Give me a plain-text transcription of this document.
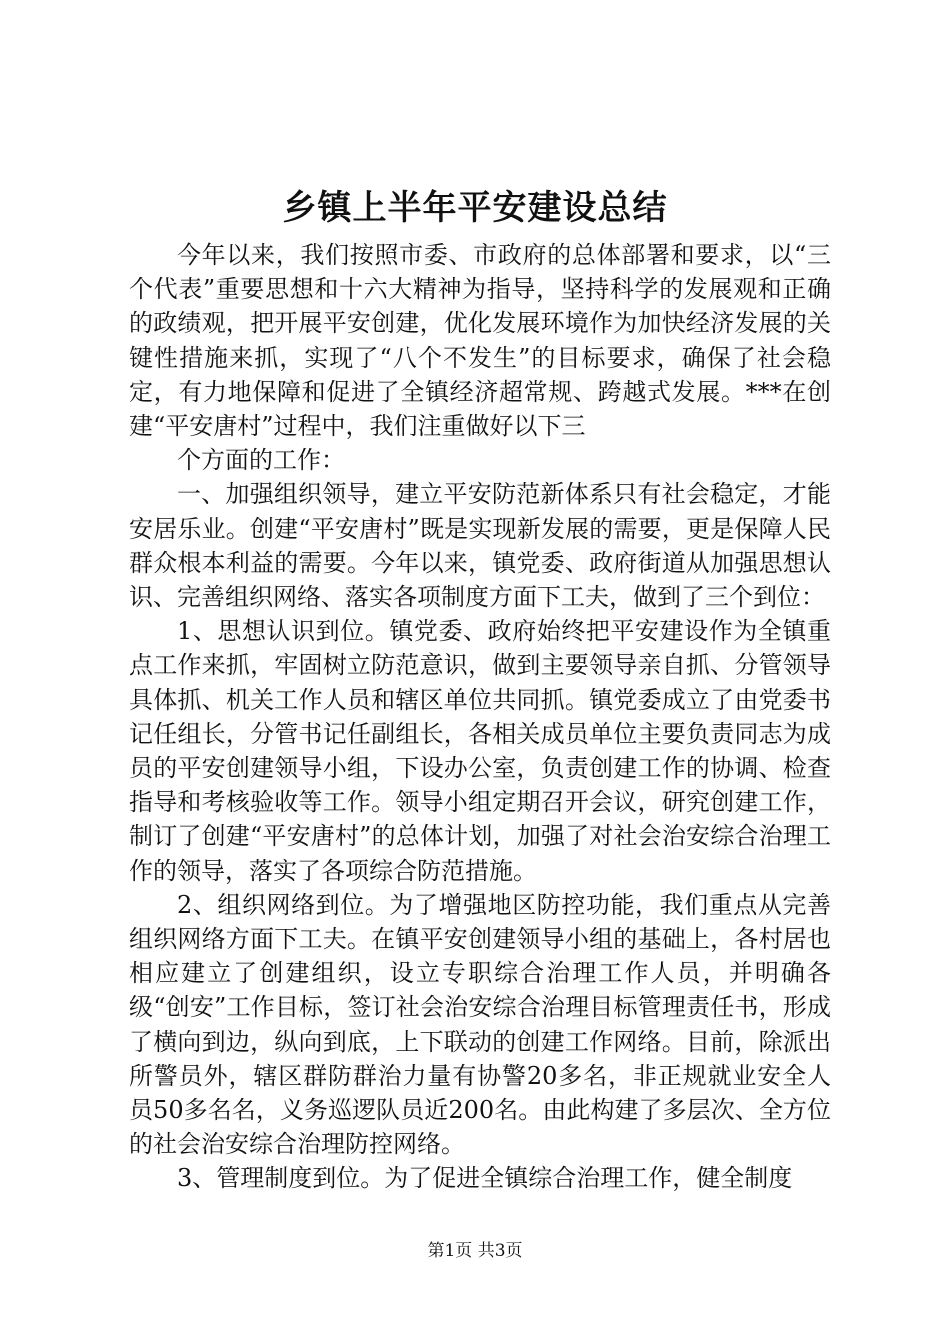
乡镇上半年平安建设总结

今年以来，我们按照市委、市政府的总体部署和要求，以“三个代表”重要思想和十六大精神为指导，坚持科学的发展观和正确的政绩观，把开展平安创建，优化发展环境作为加快经济发展的关键性措施来抓，实现了“八个不发生”的目标要求，确保了社会稳定，有力地保障和促进了全镇经济超常规、跨越式发展。***在创建“平安唐村”过程中，我们注重做好以下三

个方面的工作：

一、加强组织领导，建立平安防范新体系只有社会稳定，才能安居乐业。创建“平安唐村”既是实现新发展的需要，更是保障人民群众根本利益的需要。今年以来，镇党委、政府街道从加强思想认识、完善组织网络、落实各项制度方面下工夫，做到了三个到位：

1、思想认识到位。镇党委、政府始终把平安建设作为全镇重点工作来抓，牢固树立防范意识，做到主要领导亲自抓、分管领导具体抓、机关工作人员和辖区单位共同抓。镇党委成立了由党委书记任组长，分管书记任副组长，各相关成员单位主要负责同志为成员的平安创建领导小组，下设办公室，负责创建工作的协调、检查指导和考核验收等工作。领导小组定期召开会议，研究创建工作，制订了创建“平安唐村”的总体计划，加强了对社会治安综合治理工作的领导，落实了各项综合防范措施。

2、组织网络到位。为了增强地区防控功能，我们重点从完善组织网络方面下工夫。在镇平安创建领导小组的基础上，各村居也相应建立了创建组织，设立专职综合治理工作人员，并明确各级“创安”工作目标，签订社会治安综合治理目标管理责任书，形成了横向到边，纵向到底，上下联动的创建工作网络。目前，除派出所警员外，辖区群防群治力量有协警20多名，非正规就业安全人员50多名名，义务巡逻队员近200名。由此构建了多层次、全方位的社会治安综合治理防控网络。

3、管理制度到位。为了促进全镇综合治理工作，健全制度

第1页 共3页
